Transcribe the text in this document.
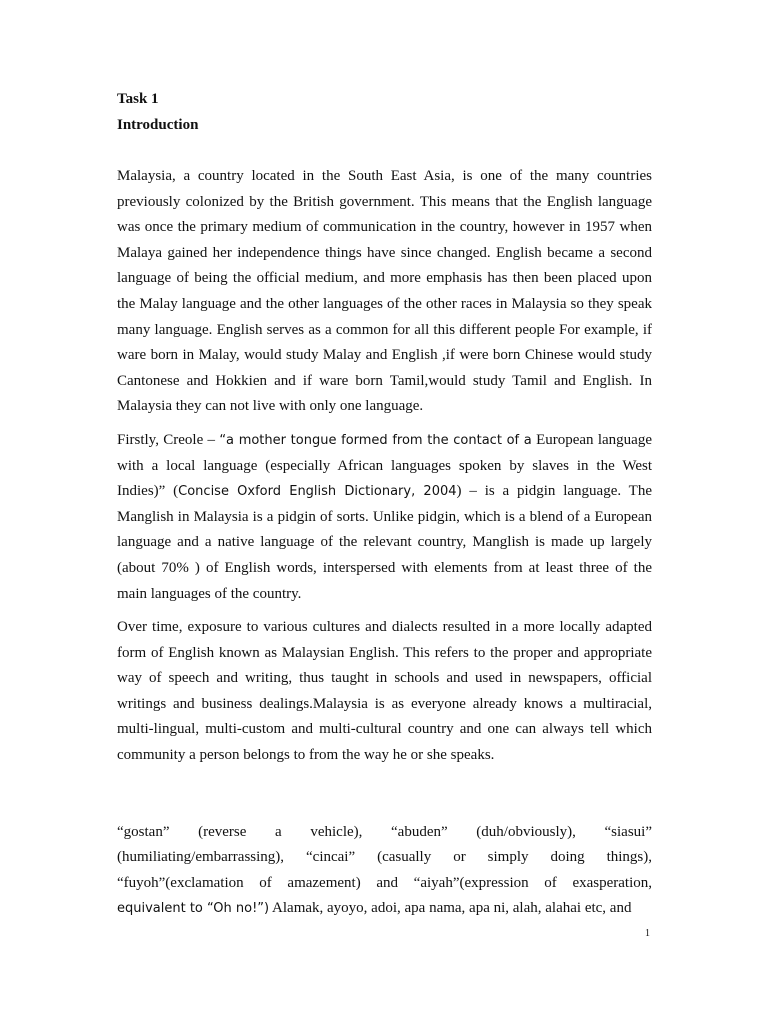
Task 1

Introduction

Malaysia, a country located in the South East Asia, is one of the many countries previously colonized by the British government. This means that the English language was once the primary medium of communication in the country, however in 1957 when Malaya gained her independence things have since changed. English became a second language of being the official medium, and more emphasis has then been placed upon the Malay language and the other languages of the other races in Malaysia so they speak many language. English serves as a common for all this different people For example, if ware born in Malay, would study Malay and English ,if were born Chinese would study Cantonese and Hokkien and if ware born Tamil,would study Tamil and English. In Malaysia they can not live with only one language.

Firstly, Creole – “a mother tongue formed from the contact of a European language with a local language (especially African languages spoken by slaves in the West Indies)” (Concise Oxford English Dictionary, 2004) – is a pidgin language. The Manglish in Malaysia is a pidgin of sorts. Unlike pidgin, which is a blend of a European language and a native language of the relevant country, Manglish is made up largely (about 70% ) of English words, interspersed with elements from at least three of the main languages of the country.

Over time, exposure to various cultures and dialects resulted in a more locally adapted form of English known as Malaysian English. This refers to the proper and appropriate way of speech and writing, thus taught in schools and used in newspapers, official writings and business dealings.Malaysia is as everyone already knows a multiracial, multi-lingual, multi-custom and multi-cultural country and one can always tell which community a person belongs to from the way he or she speaks.

“gostan” (reverse a vehicle), “abuden” (duh/obviously), “siasui” (humiliating/embarrassing), “cincai” (casually or simply doing things), “fuyoh”(exclamation of amazement) and “aiyah”(expression of exasperation, equivalent to “Oh no!”) Alamak, ayoyo, adoi, apa nama, apa ni, alah, alahai etc, and

1
